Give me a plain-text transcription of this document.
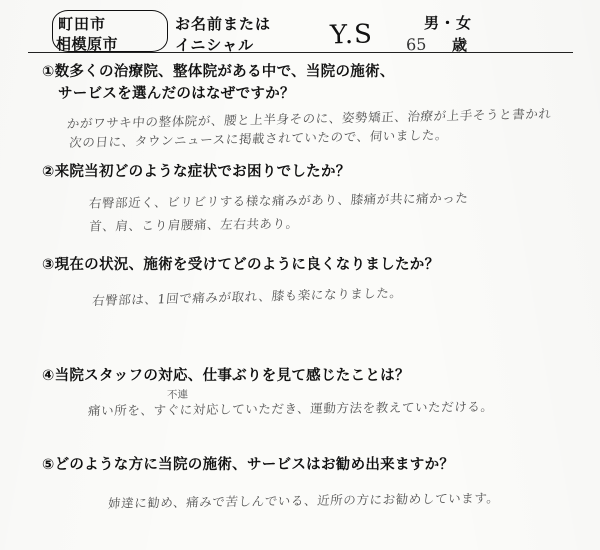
町田市
相模原市
お名前または
イニシャル	Y.S	男・女
65 歳
①数多くの治療院、整体院がある中で、当院の施術、
サービスを選んだのはなぜですか？
かがワサキ中の整体院が、腰と上半身そのに、姿勢矯正、治療が上手そうと書かれ
次の日に、タウンニュースに掲載されていたので、伺いました。
②来院当初どのような症状でお困りでしたか？
右臀部近く、ビリビリする様な痛みがあり、膝痛が共に痛かった
首、肩、こり肩腰痛、左右共あり。
③現在の状況、施術を受けてどのように良くなりましたか？
右臀部は、1回で痛みが取れ、膝も楽になりました。
④当院スタッフの対応、仕事ぶりを見て感じたことは？
不連
痛い所を、すぐに対応していただき、運動方法を教えていただける。
⑤どのような方に当院の施術、サービスはお勧め出来ますか？
姉達に勧め、痛みで苦しんでいる、近所の方にお勧めしています。
